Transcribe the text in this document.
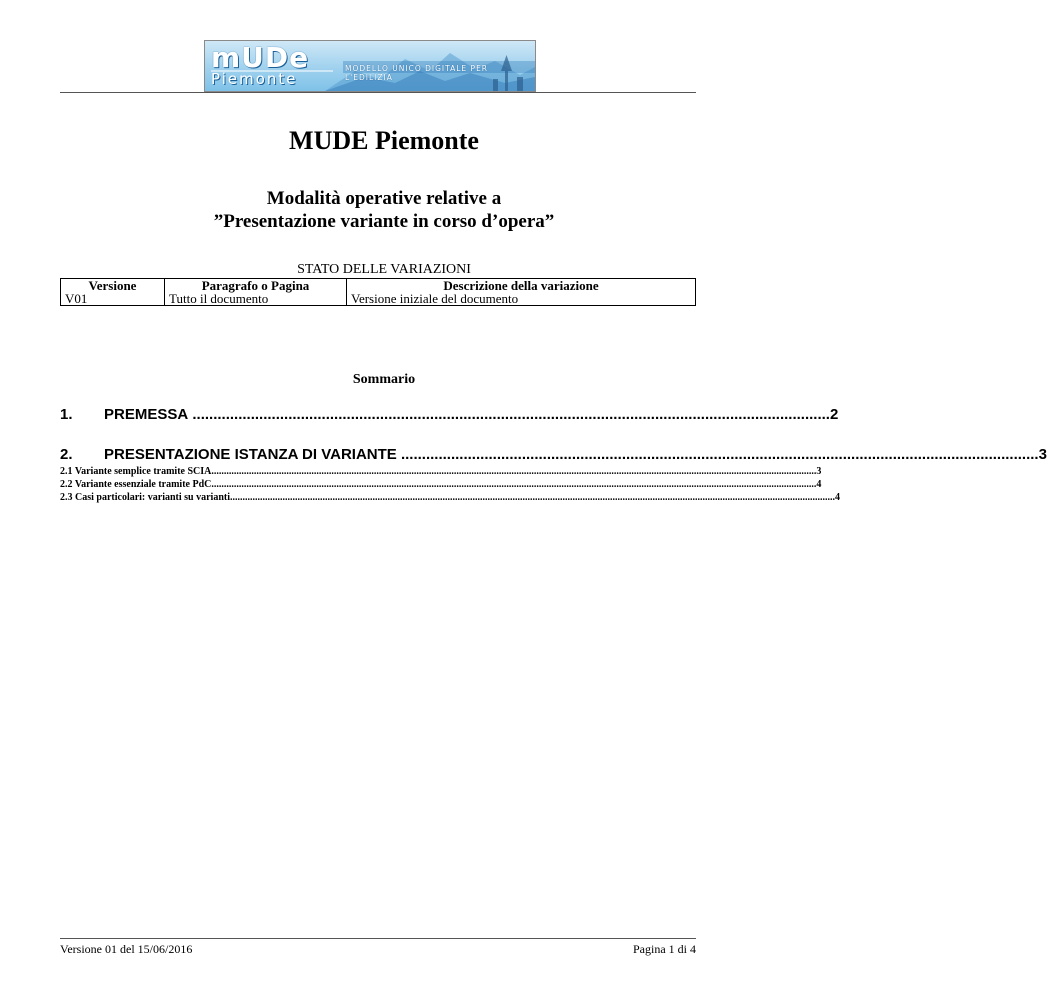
mUDe
Piemonte
MODELLO UNICO DIGITALE PER L'EDILIZIA
MUDE Piemonte
Modalità operative relative a
”Presentazione variante in corso d’opera”
STATO DELLE VARIAZIONI
Versione	Paragrafo o Pagina	Descrizione della variazione
V01	Tutto il documento	Versione iniziale del documento
Sommario
1.	PREMESSA ......................................................................................................................................................... 2
2.	PRESENTAZIONE ISTANZA DI VARIANTE ......................................................................................................................................................... 3
2.1 Variante semplice tramite SCIA .................................................................................................................................................................................................................................................. 3
2.2 Variante essenziale tramite PdC .................................................................................................................................................................................................................................................. 4
2.3 Casi particolari: varianti su varianti .................................................................................................................................................................................................................................................. 4
Versione 01 del 15/06/2016	Pagina 1 di 4
